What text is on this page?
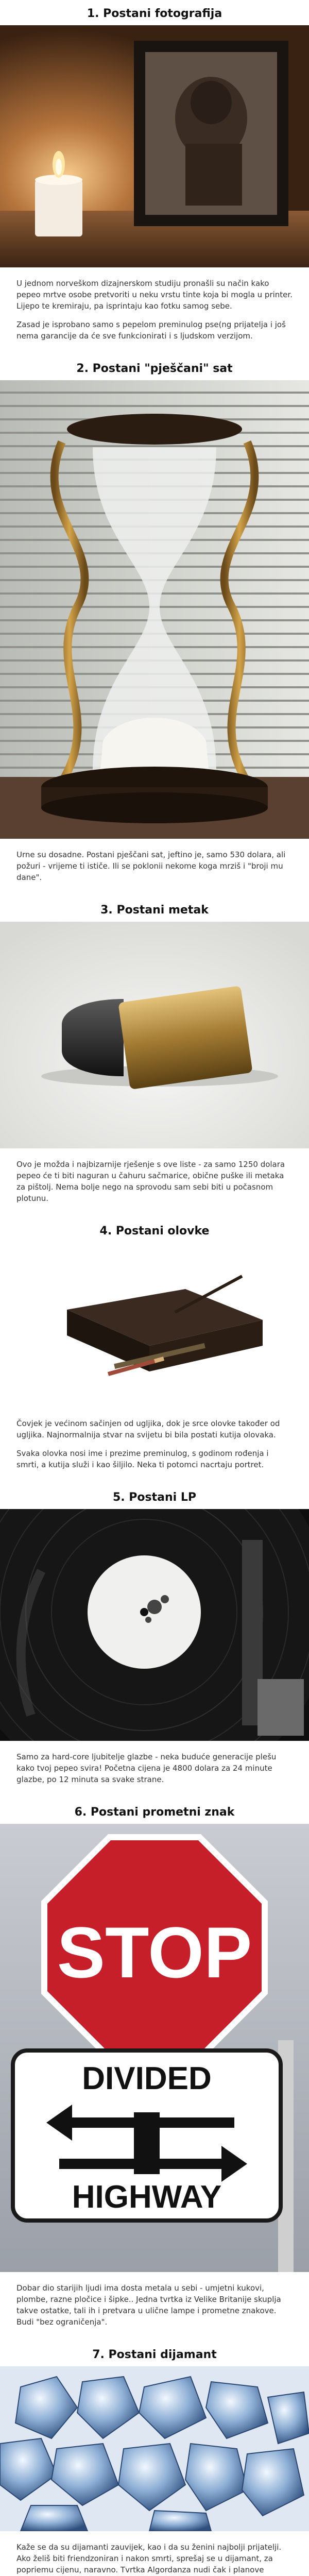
1. Postani fotografija

U jednom norveškom dizajnerskom studiju pronašli su način kako pepeo mrtve osobe pretvoriti u neku vrstu tinte koja bi mogla u printer. Lijepo te kremiraju, pa isprintaju kao fotku samog sebe.

Zasad je isprobano samo s pepelom preminulog pse(ng prijatelja i još nema garancije da će sve funkcionirati i s ljudskom verzijom.

2. Postani "pješčani" sat

Urne su dosadne. Postani pješčani sat, jeftino je, samo 530 dolara, ali požuri - vrijeme ti ističe. Ili se poklonii nekome koga mrziš i "broji mu dane".

3. Postani metak

Ovo je možda i najbizarnije rješenje s ove liste - za samo 1250 dolara pepeo će ti biti naguran u čahuru sačmarice, obične puške ili metaka za pištolj. Nema bolje nego na sprovodu sam sebi biti u počasnom plotunu.

4. Postani olovke

Čovjek je većinom sačinjen od ugljika, dok je srce olovke također od ugljika. Najnormalnija stvar na svijetu bi bila postati kutija olovaka.

Svaka olovka nosi ime i prezime preminulog, s godinom rođenja i smrti, a kutija služi i kao šiljilo. Neka ti potomci nacrtaju portret.

5. Postani LP

Samo za hard-core ljubitelje glazbe - neka buduće generacije plešu kako tvoj pepeo svira! Početna cijena je 4800 dolara za 24 minute glazbe, po 12 minuta sa svake strane.

6. Postani prometni znak
STOP
DIVIDED
HIGHWAY

Dobar dio starijih ljudi ima dosta metala u sebi - umjetni kukovi, plombe, razne pločice i šipke.. Jedna tvrtka iz Velike Britanije skuplja takve ostatke, tali ih i pretvara u ulične lampe i prometne znakove. Budi "bez ograničenja".

7. Postani dijamant

Kaže se da su dijamanti zauvijek, kao i da su ženini najbolji prijatelji. Ako želiš biti friendzoniran i nakon smrti, sprešaj se u dijamant, za popriemu cijenu, naravno. Tvrtka Algordanza nudi čak i planove
